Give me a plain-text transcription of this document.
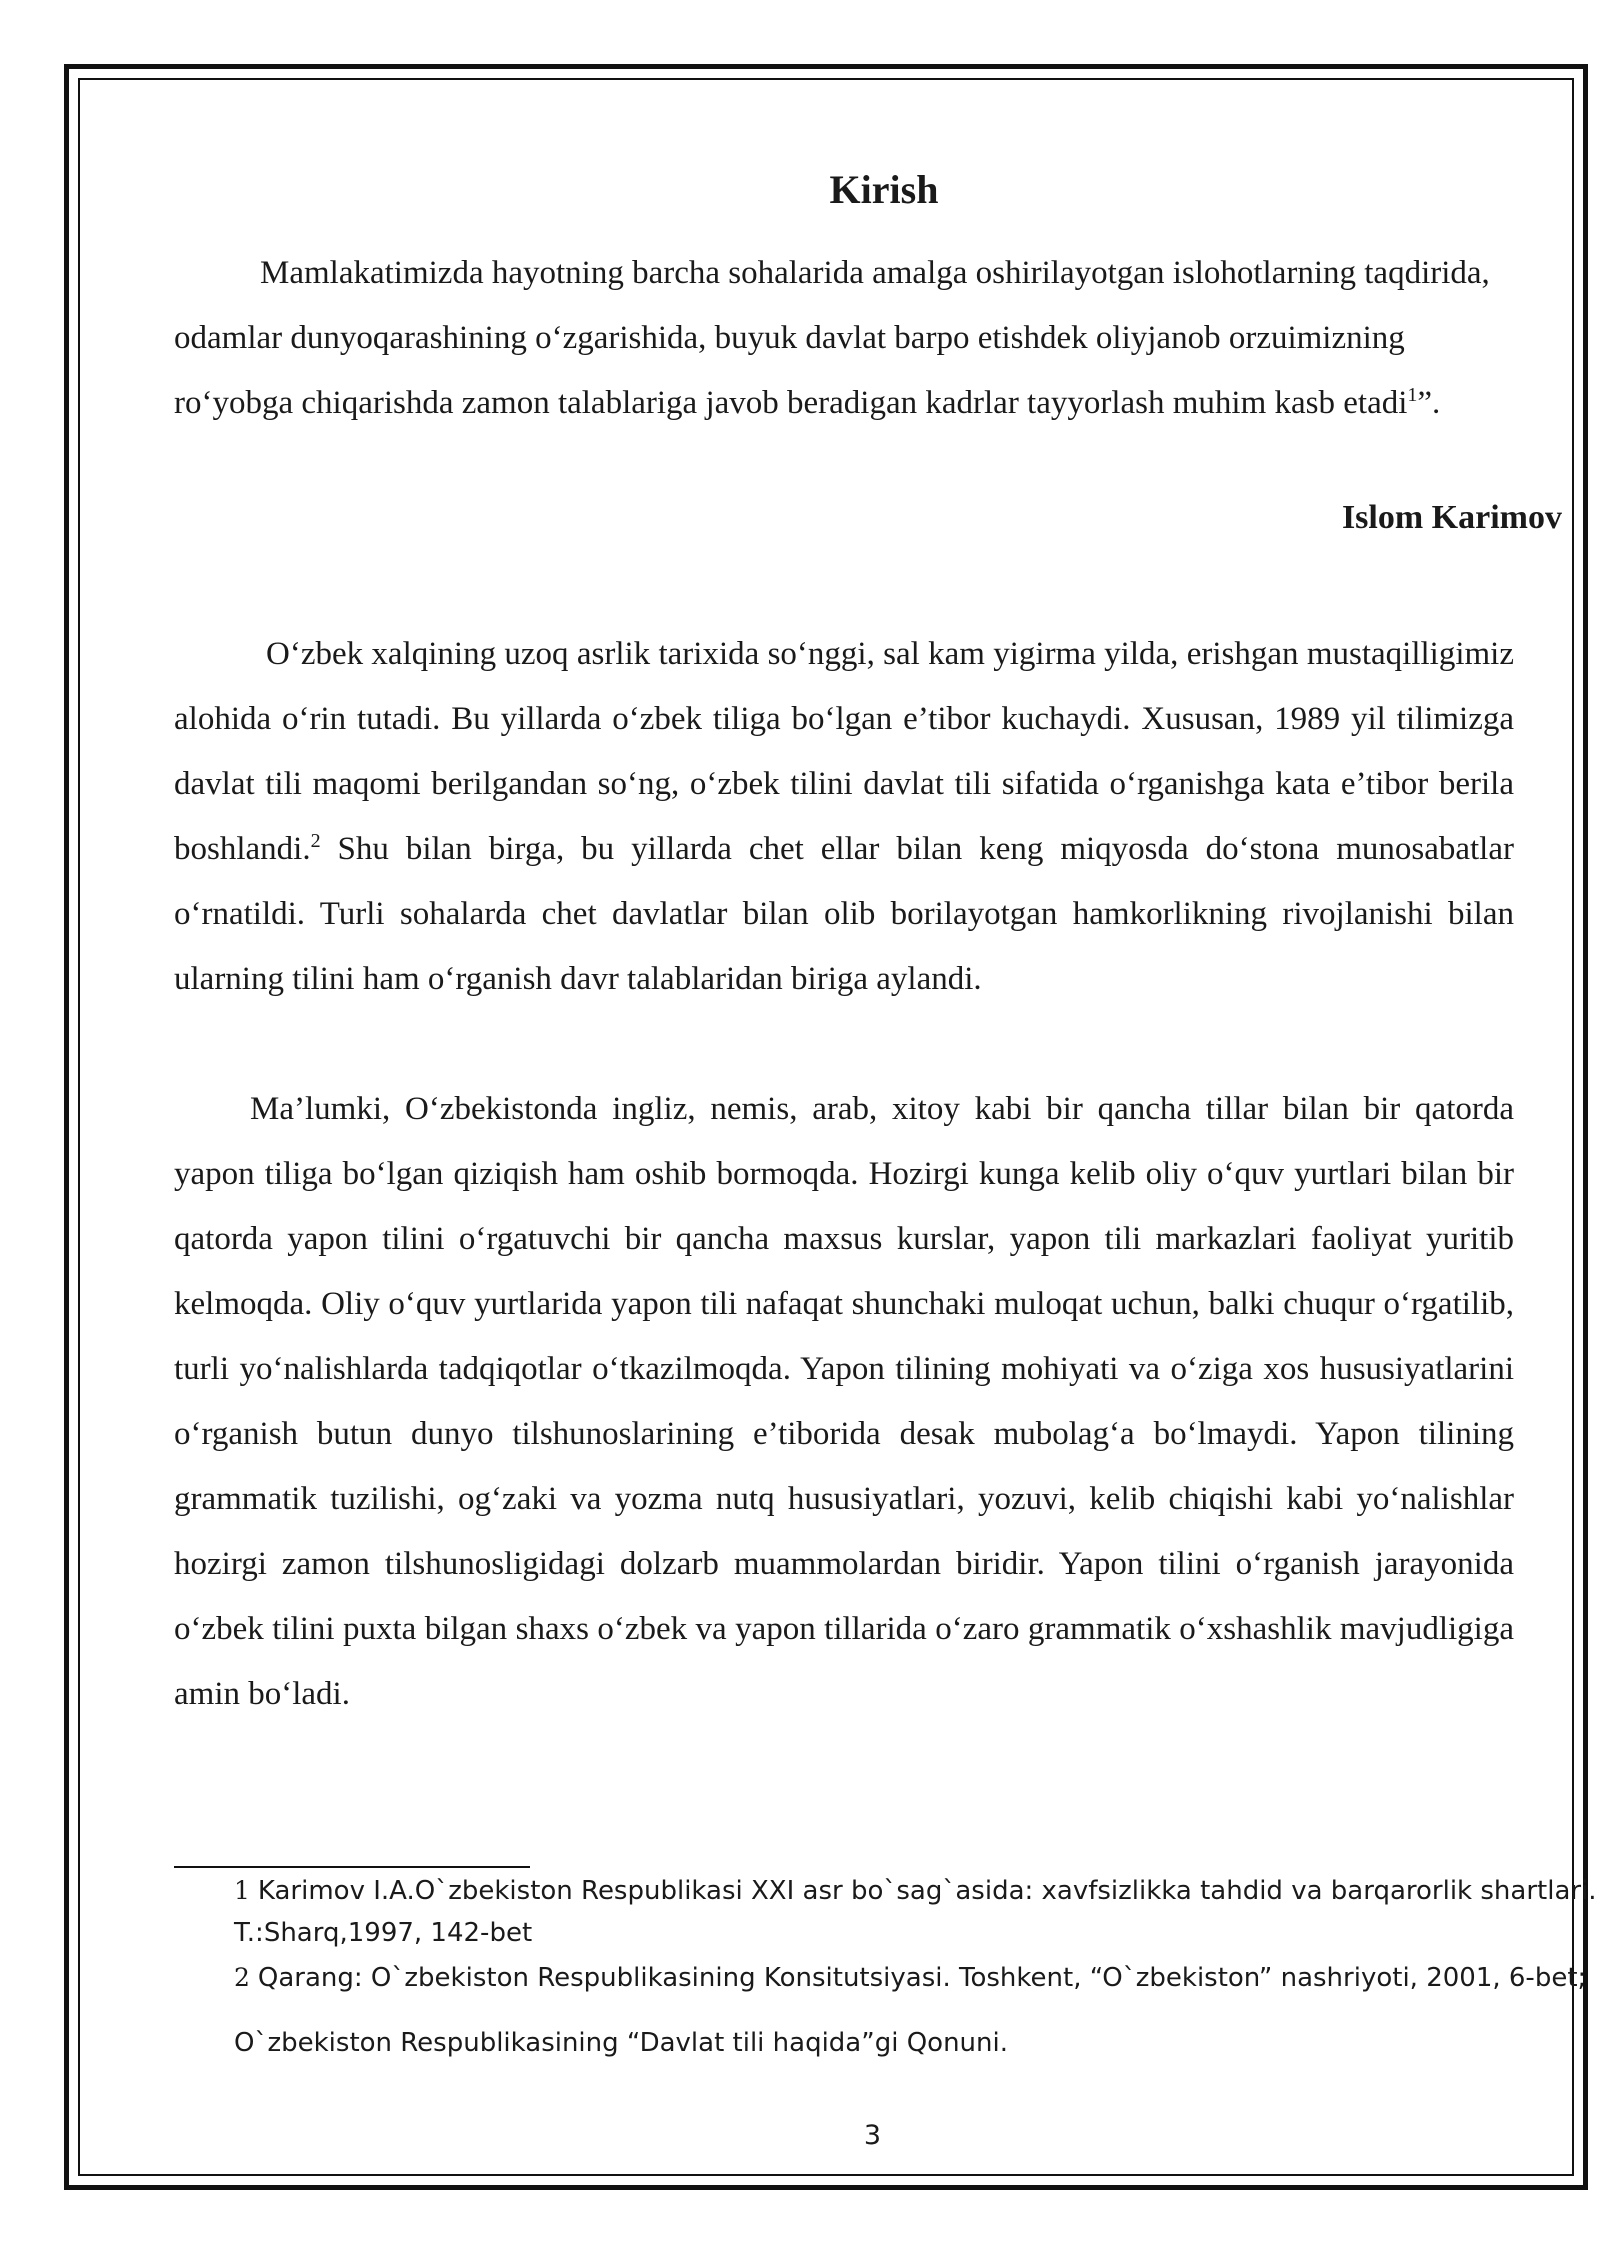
Kirish

Mamlakatimizda hayotning barcha sohalarida amalga oshirilayotgan islohotlarning taqdirida, odamlar dunyoqarashining o‘zgarishida, buyuk davlat barpo etishdek oliyjanob orzuimizning ro‘yobga chiqarishda zamon talablariga javob beradigan kadrlar tayyorlash muhim kasb etadi$^1$”.

Islom Karimov

O‘zbek xalqining uzoq asrlik tarixida so‘nggi, sal kam yigirma yilda, erishgan mustaqilligimiz alohida o‘rin tutadi. Bu yillarda o‘zbek tiliga bo‘lgan e’tibor kuchaydi. Xususan, 1989 yil tilimizga davlat tili maqomi berilgandan so‘ng, o‘zbek tilini davlat tili sifatida o‘rganishga kata e’tibor berila boshlandi.$^2$ Shu bilan birga, bu yillarda chet ellar bilan keng miqyosda do‘stona munosabatlar o‘rnatildi. Turli sohalarda chet davlatlar bilan olib borilayotgan hamkorlikning rivojlanishi bilan ularning tilini ham o‘rganish davr talablaridan biriga aylandi.

Ma’lumki, O‘zbekistonda ingliz, nemis, arab, xitoy kabi bir qancha tillar bilan bir qatorda yapon tiliga bo‘lgan qiziqish ham oshib bormoqda. Hozirgi kunga kelib oliy o‘quv yurtlari bilan bir qatorda yapon tilini o‘rgatuvchi bir qancha maxsus kurslar, yapon tili markazlari faoliyat yuritib kelmoqda. Oliy o‘quv yurtlarida yapon tili nafaqat shunchaki muloqat uchun, balki chuqur o‘rgatilib, turli yo‘nalishlarda tadqiqotlar o‘tkazilmoqda. Yapon tilining mohiyati va o‘ziga xos hususiyatlarini o‘rganish butun dunyo tilshunoslarining e’tiborida desak mubolag‘a bo‘lmaydi. Yapon tilining grammatik tuzilishi, og‘zaki va yozma nutq hususiyatlari, yozuvi, kelib chiqishi kabi yo‘nalishlar hozirgi zamon tilshunosligidagi dolzarb muammolardan biridir. Yapon tilini o‘rganish jarayonida o‘zbek tilini puxta bilgan shaxs o‘zbek va yapon tillarida o‘zaro grammatik o‘xshashlik mavjudligiga amin bo‘ladi.

1 Karimov I.A.O`zbekiston Respublikasi XXI asr bo`sag`asida: xavfsizlikka tahdid va barqarorlik shartlari.

T.:Sharq,1997, 142-bet

2 Qarang: O`zbekiston Respublikasining Konsitutsiyasi. Toshkent, “O`zbekiston” nashriyoti, 2001, 6-bet;

O`zbekiston Respublikasining “Davlat tili haqida”gi Qonuni.

3
